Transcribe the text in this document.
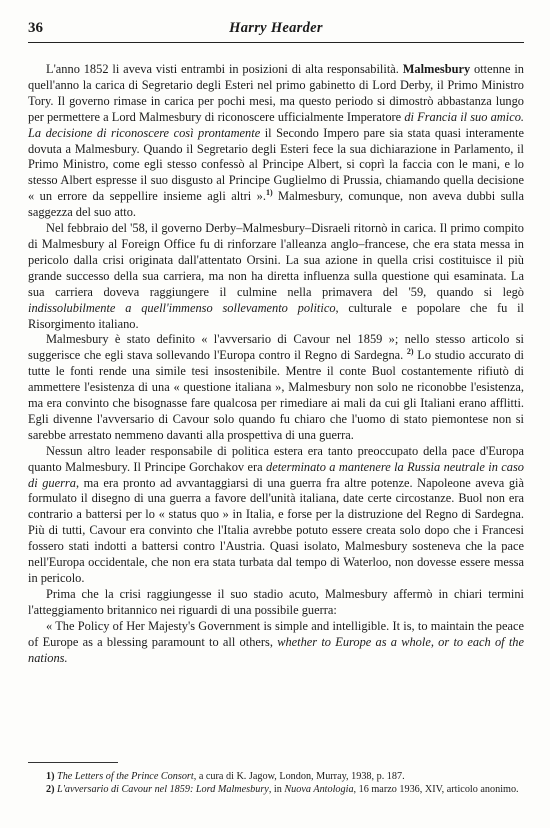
36	Harry Hearder

L'anno 1852 li aveva visti entrambi in posizioni di alta responsabilità. Malmesbury ottenne in quell'anno la carica di Segretario degli Esteri nel primo gabinetto di Lord Derby, il Primo Ministro Tory. Il governo rimase in carica per pochi mesi, ma questo periodo si dimostrò abbastanza lungo per permettere a Lord Malmesbury di riconoscere ufficialmente Imperatore di Francia il suo amico. La decisione di riconoscere così prontamente il Secondo Impero pare sia stata quasi interamente dovuta a Malmesbury. Quando il Segretario degli Esteri fece la sua dichiarazione in Parlamento, il Primo Ministro, come egli stesso confessò al Principe Albert, si coprì la faccia con le mani, e lo stesso Albert espresse il suo disgusto al Principe Guglielmo di Prussia, chiamando quella decisione « un errore da seppellire insieme agli altri ».$^{1)}$ Malmesbury, comunque, non aveva dubbi sulla saggezza del suo atto.

Nel febbraio del '58, il governo Derby–Malmesbury–Disraeli ritornò in carica. Il primo compito di Malmesbury al Foreign Office fu di rinforzare l'alleanza anglo–francese, che era stata messa in pericolo dalla crisi originata dall'attentato Orsini. La sua azione in quella crisi costituisce il più grande successo della sua carriera, ma non ha diretta influenza sulla questione qui esaminata. La sua carriera doveva raggiungere il culmine nella primavera del '59, quando si legò indissolubilmente a quell'immenso sollevamento politico, culturale e popolare che fu il Risorgimento italiano.

Malmesbury è stato definito « l'avversario di Cavour nel 1859 »; nello stesso articolo si suggerisce che egli stava sollevando l'Europa contro il Regno di Sardegna. $^{2)}$ Lo studio accurato di tutte le fonti rende una simile tesi insostenibile. Mentre il conte Buol costantemente rifiutò di ammettere l'esistenza di una « questione italiana », Malmesbury non solo ne riconobbe l'esistenza, ma era convinto che bisognasse fare qualcosa per rimediare ai mali da cui gli Italiani erano afflitti. Egli divenne l'avversario di Cavour solo quando fu chiaro che l'uomo di stato piemontese non si sarebbe arrestato nemmeno davanti alla prospettiva di una guerra.

Nessun altro leader responsabile di politica estera era tanto preoccupato della pace d'Europa quanto Malmesbury. Il Principe Gorchakov era determinato a mantenere la Russia neutrale in caso di guerra, ma era pronto ad avvantaggiarsi di una guerra fra altre potenze. Napoleone aveva già formulato il disegno di una guerra a favore dell'unità italiana, date certe circostanze. Buol non era contrario a battersi per lo « status quo » in Italia, e forse per la distruzione del Regno di Sardegna. Più di tutti, Cavour era convinto che l'Italia avrebbe potuto essere creata solo dopo che i Francesi fossero stati indotti a battersi contro l'Austria. Quasi isolato, Malmesbury sosteneva che la pace nell'Europa occidentale, che non era stata turbata dal tempo di Waterloo, non dovesse essere messa in pericolo.

Prima che la crisi raggiungesse il suo stadio acuto, Malmesbury affermò in chiari termini l'atteggiamento britannico nei riguardi di una possibile guerra:

« The Policy of Her Majesty's Government is simple and intelligible. It is, to maintain the peace of Europe as a blessing paramount to all others, whether to Europe as a whole, or to each of the nations.

1) The Letters of the Prince Consort, a cura di K. Jagow, London, Murray, 1938, p. 187.

2) L'avversario di Cavour nel 1859: Lord Malmesbury, in Nuova Antologia, 16 marzo 1936, XIV, articolo anonimo.
